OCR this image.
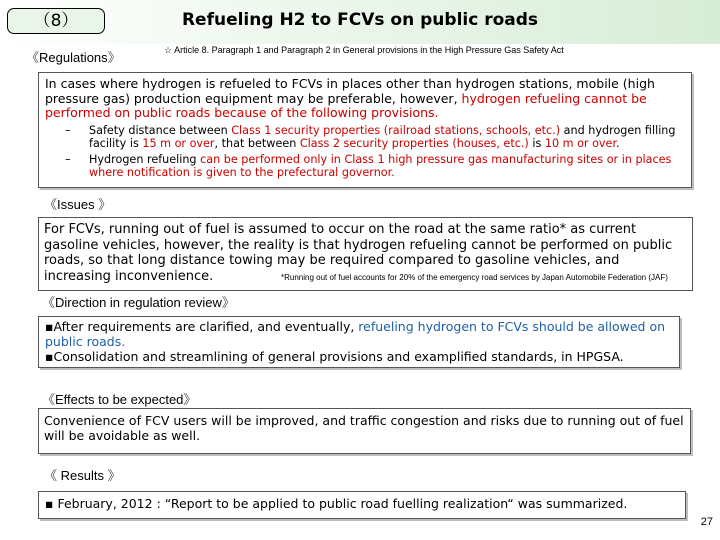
（8）	Refueling H2 to FCVs on public roads
《Regulations》	☆ Article 8. Paragraph 1 and Paragraph 2 in General provisions in the High Pressure Gas Safety Act
In cases where hydrogen is refueled to FCVs in places other than hydrogen stations, mobile (high pressure gas) production equipment may be preferable, however, hydrogen refueling cannot be performed on public roads because of the following provisions.
– Safety distance between Class 1 security properties (railroad stations, schools, etc.) and hydrogen filling facility is 15 m or over, that between Class 2 security properties (houses, etc.) is 10 m or over.
– Hydrogen refueling can be performed only in Class 1 high pressure gas manufacturing sites or in places where notification is given to the prefectural governor.
《Issues 》
For FCVs, running out of fuel is assumed to occur on the road at the same ratio* as current gasoline vehicles, however, the reality is that hydrogen refueling cannot be performed on public roads, so that long distance towing may be required compared to gasoline vehicles, and increasing inconvenience.	*Running out of fuel accounts for 20% of the emergency road services by Japan Automobile Federation (JAF)
《Direction in regulation review》
▪After requirements are clarified, and eventually, refueling hydrogen to FCVs should be allowed on public roads.
▪Consolidation and streamlining of general provisions and examplified standards, in HPGSA.
《Effects to be expected》
Convenience of FCV users will be improved, and traffic congestion and risks due to running out of fuel will be avoidable as well.
《 Results 》
▪ February, 2012 : “Report to be applied to public road fuelling realization“ was summarized.
27
